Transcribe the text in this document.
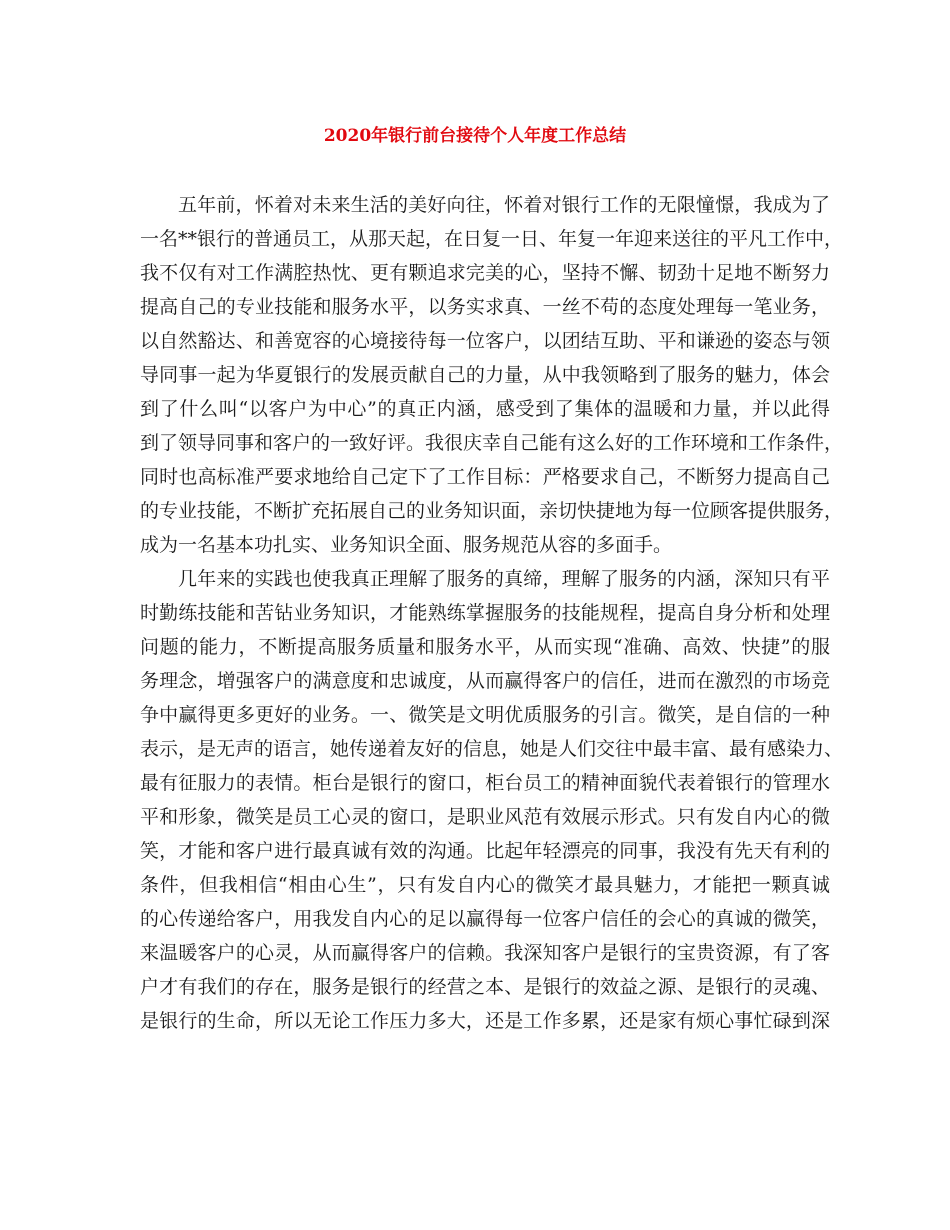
2020年银行前台接待个人年度工作总结

五年前，怀着对未来生活的美好向往，怀着对银行工作的无限憧憬，我成为了
一名**银行的普通员工，从那天起，在日复一日、年复一年迎来送往的平凡工作中，
我不仅有对工作满腔热忱、更有颗追求完美的心，坚持不懈、韧劲十足地不断努力
提高自己的专业技能和服务水平，以务实求真、一丝不苟的态度处理每一笔业务，
以自然豁达、和善宽容的心境接待每一位客户，以团结互助、平和谦逊的姿态与领
导同事一起为华夏银行的发展贡献自己的力量，从中我领略到了服务的魅力，体会
到了什么叫“以客户为中心”的真正内涵，感受到了集体的温暖和力量，并以此得
到了领导同事和客户的一致好评。我很庆幸自己能有这么好的工作环境和工作条件，
同时也高标准严要求地给自己定下了工作目标：严格要求自己，不断努力提高自己
的专业技能，不断扩充拓展自己的业务知识面，亲切快捷地为每一位顾客提供服务，
成为一名基本功扎实、业务知识全面、服务规范从容的多面手。

几年来的实践也使我真正理解了服务的真缔，理解了服务的内涵，深知只有平
时勤练技能和苦钻业务知识，才能熟练掌握服务的技能规程，提高自身分析和处理
问题的能力，不断提高服务质量和服务水平，从而实现“准确、高效、快捷”的服
务理念，增强客户的满意度和忠诚度，从而赢得客户的信任，进而在激烈的市场竞
争中赢得更多更好的业务。一、微笑是文明优质服务的引言。微笑，是自信的一种
表示，是无声的语言，她传递着友好的信息，她是人们交往中最丰富、最有感染力、
最有征服力的表情。柜台是银行的窗口，柜台员工的精神面貌代表着银行的管理水
平和形象，微笑是员工心灵的窗口，是职业风范有效展示形式。只有发自内心的微
笑，才能和客户进行最真诚有效的沟通。比起年轻漂亮的同事，我没有先天有利的
条件，但我相信“相由心生”，只有发自内心的微笑才最具魅力，才能把一颗真诚
的心传递给客户，用我发自内心的足以赢得每一位客户信任的会心的真诚的微笑，
来温暖客户的心灵，从而赢得客户的信赖。我深知客户是银行的宝贵资源，有了客
户才有我们的存在，服务是银行的经营之本、是银行的效益之源、是银行的灵魂、
是银行的生命，所以无论工作压力多大，还是工作多累，还是家有烦心事忙碌到深
